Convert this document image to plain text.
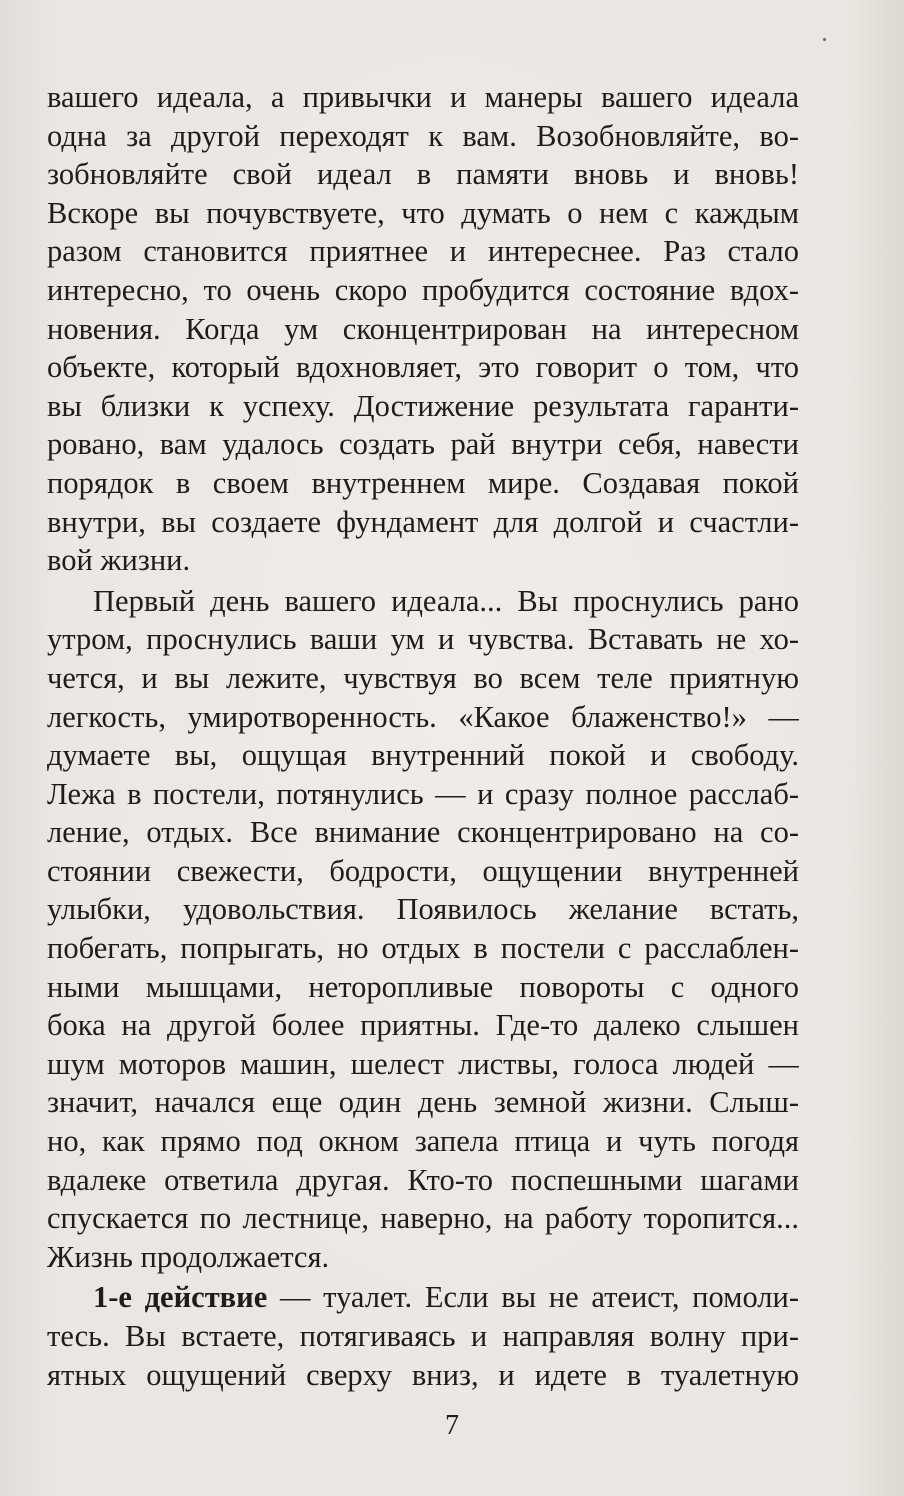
вашего идеала, а привычки и манеры вашего идеала
одна за другой переходят к вам. Возобновляйте, во-
зобновляйте свой идеал в памяти вновь и вновь!
Вскоре вы почувствуете, что думать о нем с каждым
разом становится приятнее и интереснее. Раз стало
интересно, то очень скоро пробудится состояние вдох-
новения. Когда ум сконцентрирован на интересном
объекте, который вдохновляет, это говорит о том, что
вы близки к успеху. Достижение результата гаранти-
ровано, вам удалось создать рай внутри себя, навести
порядок в своем внутреннем мире. Создавая покой
внутри, вы создаете фундамент для долгой и счастли-
вой жизни.

Первый день вашего идеала... Вы проснулись рано
утром, проснулись ваши ум и чувства. Вставать не хо-
чется, и вы лежите, чувствуя во всем теле приятную
легкость, умиротворенность. «Какое блаженство!» —
думаете вы, ощущая внутренний покой и свободу.
Лежа в постели, потянулись — и сразу полное расслаб-
ление, отдых. Все внимание сконцентрировано на со-
стоянии свежести, бодрости, ощущении внутренней
улыбки, удовольствия. Появилось желание встать,
побегать, попрыгать, но отдых в постели с расслаблен-
ными мышцами, неторопливые повороты с одного
бока на другой более приятны. Где-то далеко слышен
шум моторов машин, шелест листвы, голоса людей —
значит, начался еще один день земной жизни. Слыш-
но, как прямо под окном запела птица и чуть погодя
вдалеке ответила другая. Кто-то поспешными шагами
спускается по лестнице, наверно, на работу торопится...
Жизнь продолжается.

1-е действие — туалет. Если вы не атеист, помоли-
тесь. Вы встаете, потягиваясь и направляя волну при-
ятных ощущений сверху вниз, и идете в туалетную

7
